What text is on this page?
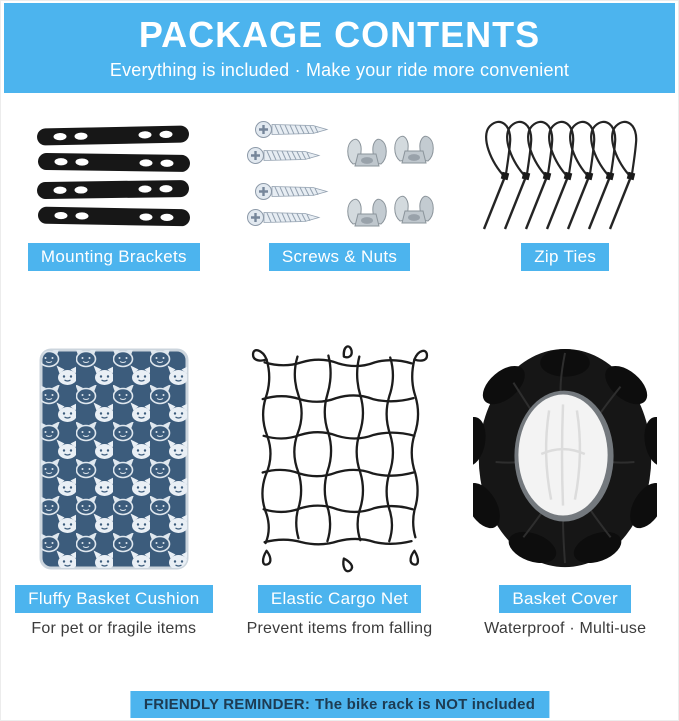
PACKAGE CONTENTS
Everything is included · Make your ride more convenient
Mounting Brackets	Screws & Nuts	Zip Ties
Fluffy Basket Cushion
For pet or fragile items
Elastic Cargo Net
Prevent items from falling
Basket Cover
Waterproof · Multi-use
FRIENDLY REMINDER: The bike rack is NOT included
